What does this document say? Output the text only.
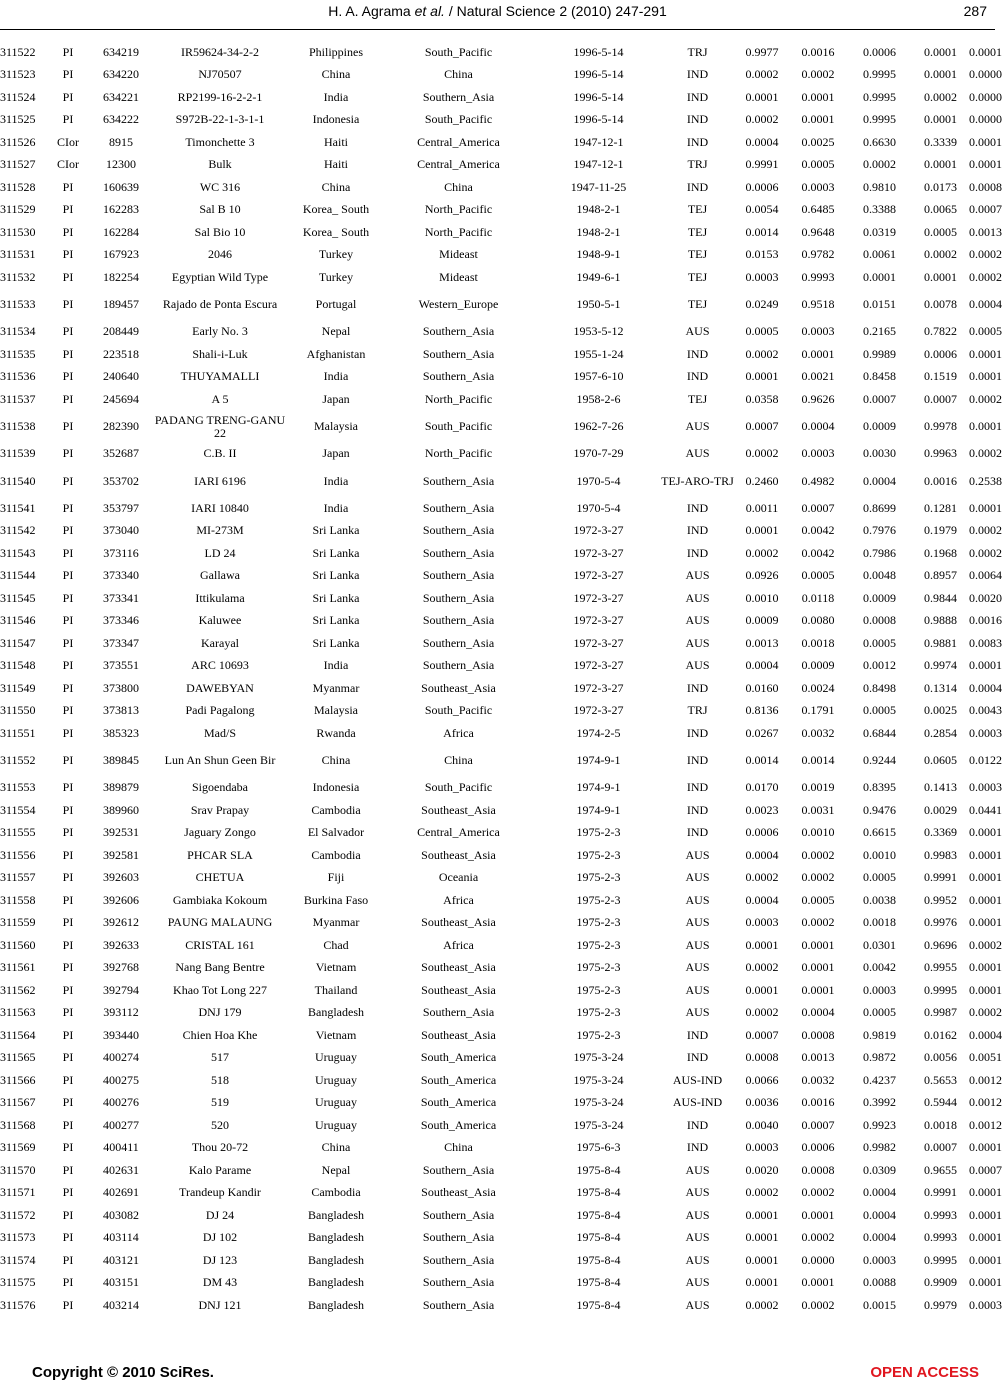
H. A. Agrama et al. / Natural Science 2 (2010) 247-291	287
311522	PI	634219	IR59624-34-2-2	Philippines	South_Pacific	1996-5-14	TRJ	0.9977	0.0016	0.0006	0.0001	0.0001
311523	PI	634220	NJ70507	China	China	1996-5-14	IND	0.0002	0.0002	0.9995	0.0001	0.0000
311524	PI	634221	RP2199-16-2-2-1	India	Southern_Asia	1996-5-14	IND	0.0001	0.0001	0.9995	0.0002	0.0000
311525	PI	634222	S972B-22-1-3-1-1	Indonesia	South_Pacific	1996-5-14	IND	0.0002	0.0001	0.9995	0.0001	0.0000
311526	CIor	8915	Timonchette 3	Haiti	Central_America	1947-12-1	IND	0.0004	0.0025	0.6630	0.3339	0.0001
311527	CIor	12300	Bulk	Haiti	Central_America	1947-12-1	TRJ	0.9991	0.0005	0.0002	0.0001	0.0001
311528	PI	160639	WC 316	China	China	1947-11-25	IND	0.0006	0.0003	0.9810	0.0173	0.0008
311529	PI	162283	Sal B 10	Korea_ South	North_Pacific	1948-2-1	TEJ	0.0054	0.6485	0.3388	0.0065	0.0007
311530	PI	162284	Sal Bio 10	Korea_ South	North_Pacific	1948-2-1	TEJ	0.0014	0.9648	0.0319	0.0005	0.0013
311531	PI	167923	2046	Turkey	Mideast	1948-9-1	TEJ	0.0153	0.9782	0.0061	0.0002	0.0002
311532	PI	182254	Egyptian Wild Type	Turkey	Mideast	1949-6-1	TEJ	0.0003	0.9993	0.0001	0.0001	0.0002
311533	PI	189457	Rajado de Ponta Escura	Portugal	Western_Europe	1950-5-1	TEJ	0.0249	0.9518	0.0151	0.0078	0.0004
311534	PI	208449	Early No. 3	Nepal	Southern_Asia	1953-5-12	AUS	0.0005	0.0003	0.2165	0.7822	0.0005
311535	PI	223518	Shali-i-Luk	Afghanistan	Southern_Asia	1955-1-24	IND	0.0002	0.0001	0.9989	0.0006	0.0001
311536	PI	240640	THUYAMALLI	India	Southern_Asia	1957-6-10	IND	0.0001	0.0021	0.8458	0.1519	0.0001
311537	PI	245694	A 5	Japan	North_Pacific	1958-2-6	TEJ	0.0358	0.9626	0.0007	0.0007	0.0002
311538	PI	282390	PADANG TRENG-GANU 22	Malaysia	South_Pacific	1962-7-26	AUS	0.0007	0.0004	0.0009	0.9978	0.0001
311539	PI	352687	C.B. II	Japan	North_Pacific	1970-7-29	AUS	0.0002	0.0003	0.0030	0.9963	0.0002
311540	PI	353702	IARI 6196	India	Southern_Asia	1970-5-4	TEJ-ARO-TRJ	0.2460	0.4982	0.0004	0.0016	0.2538
311541	PI	353797	IARI 10840	India	Southern_Asia	1970-5-4	IND	0.0011	0.0007	0.8699	0.1281	0.0001
311542	PI	373040	MI-273M	Sri Lanka	Southern_Asia	1972-3-27	IND	0.0001	0.0042	0.7976	0.1979	0.0002
311543	PI	373116	LD 24	Sri Lanka	Southern_Asia	1972-3-27	IND	0.0002	0.0042	0.7986	0.1968	0.0002
311544	PI	373340	Gallawa	Sri Lanka	Southern_Asia	1972-3-27	AUS	0.0926	0.0005	0.0048	0.8957	0.0064
311545	PI	373341	Ittikulama	Sri Lanka	Southern_Asia	1972-3-27	AUS	0.0010	0.0118	0.0009	0.9844	0.0020
311546	PI	373346	Kaluwee	Sri Lanka	Southern_Asia	1972-3-27	AUS	0.0009	0.0080	0.0008	0.9888	0.0016
311547	PI	373347	Karayal	Sri Lanka	Southern_Asia	1972-3-27	AUS	0.0013	0.0018	0.0005	0.9881	0.0083
311548	PI	373551	ARC 10693	India	Southern_Asia	1972-3-27	AUS	0.0004	0.0009	0.0012	0.9974	0.0001
311549	PI	373800	DAWEBYAN	Myanmar	Southeast_Asia	1972-3-27	IND	0.0160	0.0024	0.8498	0.1314	0.0004
311550	PI	373813	Padi Pagalong	Malaysia	South_Pacific	1972-3-27	TRJ	0.8136	0.1791	0.0005	0.0025	0.0043
311551	PI	385323	Mad/S	Rwanda	Africa	1974-2-5	IND	0.0267	0.0032	0.6844	0.2854	0.0003
311552	PI	389845	Lun An Shun Geen Bir	China	China	1974-9-1	IND	0.0014	0.0014	0.9244	0.0605	0.0122
311553	PI	389879	Sigoendaba	Indonesia	South_Pacific	1974-9-1	IND	0.0170	0.0019	0.8395	0.1413	0.0003
311554	PI	389960	Srav Prapay	Cambodia	Southeast_Asia	1974-9-1	IND	0.0023	0.0031	0.9476	0.0029	0.0441
311555	PI	392531	Jaguary Zongo	El Salvador	Central_America	1975-2-3	IND	0.0006	0.0010	0.6615	0.3369	0.0001
311556	PI	392581	PHCAR SLA	Cambodia	Southeast_Asia	1975-2-3	AUS	0.0004	0.0002	0.0010	0.9983	0.0001
311557	PI	392603	CHETUA	Fiji	Oceania	1975-2-3	AUS	0.0002	0.0002	0.0005	0.9991	0.0001
311558	PI	392606	Gambiaka Kokoum	Burkina Faso	Africa	1975-2-3	AUS	0.0004	0.0005	0.0038	0.9952	0.0001
311559	PI	392612	PAUNG MALAUNG	Myanmar	Southeast_Asia	1975-2-3	AUS	0.0003	0.0002	0.0018	0.9976	0.0001
311560	PI	392633	CRISTAL 161	Chad	Africa	1975-2-3	AUS	0.0001	0.0001	0.0301	0.9696	0.0002
311561	PI	392768	Nang Bang Bentre	Vietnam	Southeast_Asia	1975-2-3	AUS	0.0002	0.0001	0.0042	0.9955	0.0001
311562	PI	392794	Khao Tot Long 227	Thailand	Southeast_Asia	1975-2-3	AUS	0.0001	0.0001	0.0003	0.9995	0.0001
311563	PI	393112	DNJ 179	Bangladesh	Southern_Asia	1975-2-3	AUS	0.0002	0.0004	0.0005	0.9987	0.0002
311564	PI	393440	Chien Hoa Khe	Vietnam	Southeast_Asia	1975-2-3	IND	0.0007	0.0008	0.9819	0.0162	0.0004
311565	PI	400274	517	Uruguay	South_America	1975-3-24	IND	0.0008	0.0013	0.9872	0.0056	0.0051
311566	PI	400275	518	Uruguay	South_America	1975-3-24	AUS-IND	0.0066	0.0032	0.4237	0.5653	0.0012
311567	PI	400276	519	Uruguay	South_America	1975-3-24	AUS-IND	0.0036	0.0016	0.3992	0.5944	0.0012
311568	PI	400277	520	Uruguay	South_America	1975-3-24	IND	0.0040	0.0007	0.9923	0.0018	0.0012
311569	PI	400411	Thou 20-72	China	China	1975-6-3	IND	0.0003	0.0006	0.9982	0.0007	0.0001
311570	PI	402631	Kalo Parame	Nepal	Southern_Asia	1975-8-4	AUS	0.0020	0.0008	0.0309	0.9655	0.0007
311571	PI	402691	Trandeup Kandir	Cambodia	Southeast_Asia	1975-8-4	AUS	0.0002	0.0002	0.0004	0.9991	0.0001
311572	PI	403082	DJ 24	Bangladesh	Southern_Asia	1975-8-4	AUS	0.0001	0.0001	0.0004	0.9993	0.0001
311573	PI	403114	DJ 102	Bangladesh	Southern_Asia	1975-8-4	AUS	0.0001	0.0002	0.0004	0.9993	0.0001
311574	PI	403121	DJ 123	Bangladesh	Southern_Asia	1975-8-4	AUS	0.0001	0.0000	0.0003	0.9995	0.0001
311575	PI	403151	DM 43	Bangladesh	Southern_Asia	1975-8-4	AUS	0.0001	0.0001	0.0088	0.9909	0.0001
311576	PI	403214	DNJ 121	Bangladesh	Southern_Asia	1975-8-4	AUS	0.0002	0.0002	0.0015	0.9979	0.0003
Copyright © 2010 SciRes.	OPEN ACCESS
